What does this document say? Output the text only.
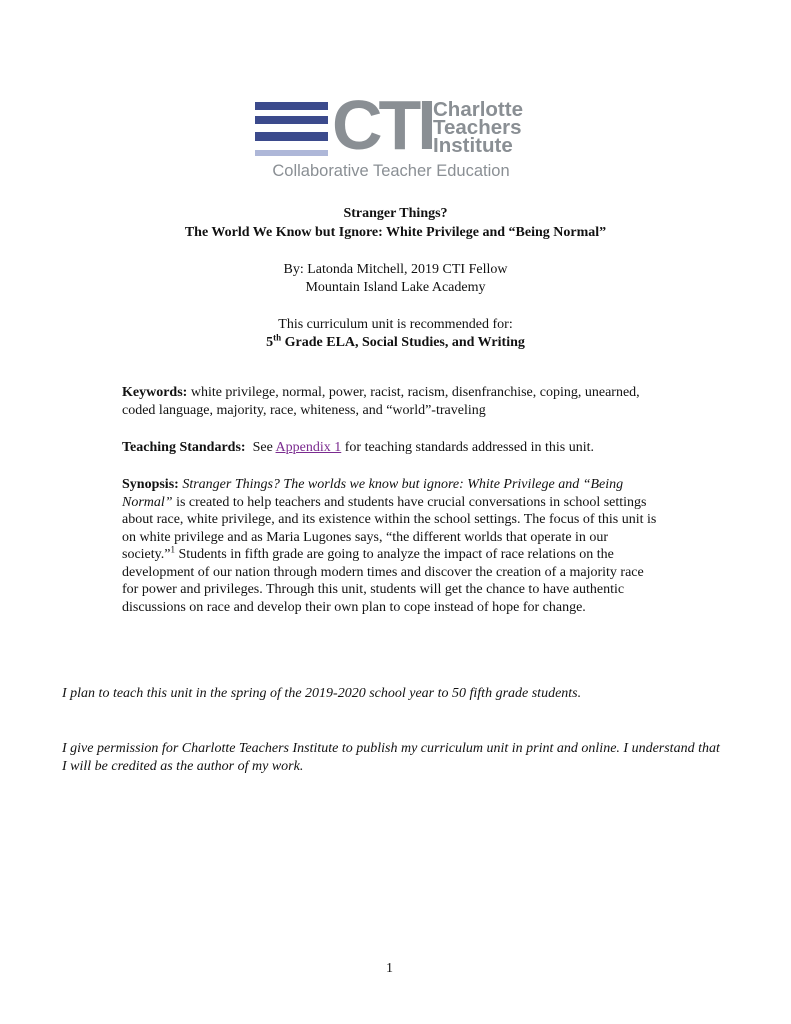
CTI Charlotte
Teachers
Institute
Collaborative Teacher Education
Stranger Things?
The World We Know but Ignore: White Privilege and “Being Normal”
By: Latonda Mitchell, 2019 CTI Fellow
Mountain Island Lake Academy
This curriculum unit is recommended for:
5th Grade ELA, Social Studies, and Writing
Keywords: white privilege, normal, power, racist, racism, disenfranchise, coping, unearned, coded language, majority, race, whiteness, and “world”-traveling
Teaching Standards:  See Appendix 1 for teaching standards addressed in this unit.
Synopsis: Stranger Things? The worlds we know but ignore: White Privilege and “Being Normal” is created to help teachers and students have crucial conversations in school settings about race, white privilege, and its existence within the school settings. The focus of this unit is on white privilege and as Maria Lugones says, “the different worlds that operate in our society.”$^1$ Students in fifth grade are going to analyze the impact of race relations on the development of our nation through modern times and discover the creation of a majority race for power and privileges. Through this unit, students will get the chance to have authentic discussions on race and develop their own plan to cope instead of hope for change.
I plan to teach this unit in the spring of the 2019-2020 school year to 50 fifth grade students.
I give permission for Charlotte Teachers Institute to publish my curriculum unit in print and online. I understand that I will be credited as the author of my work.
1
